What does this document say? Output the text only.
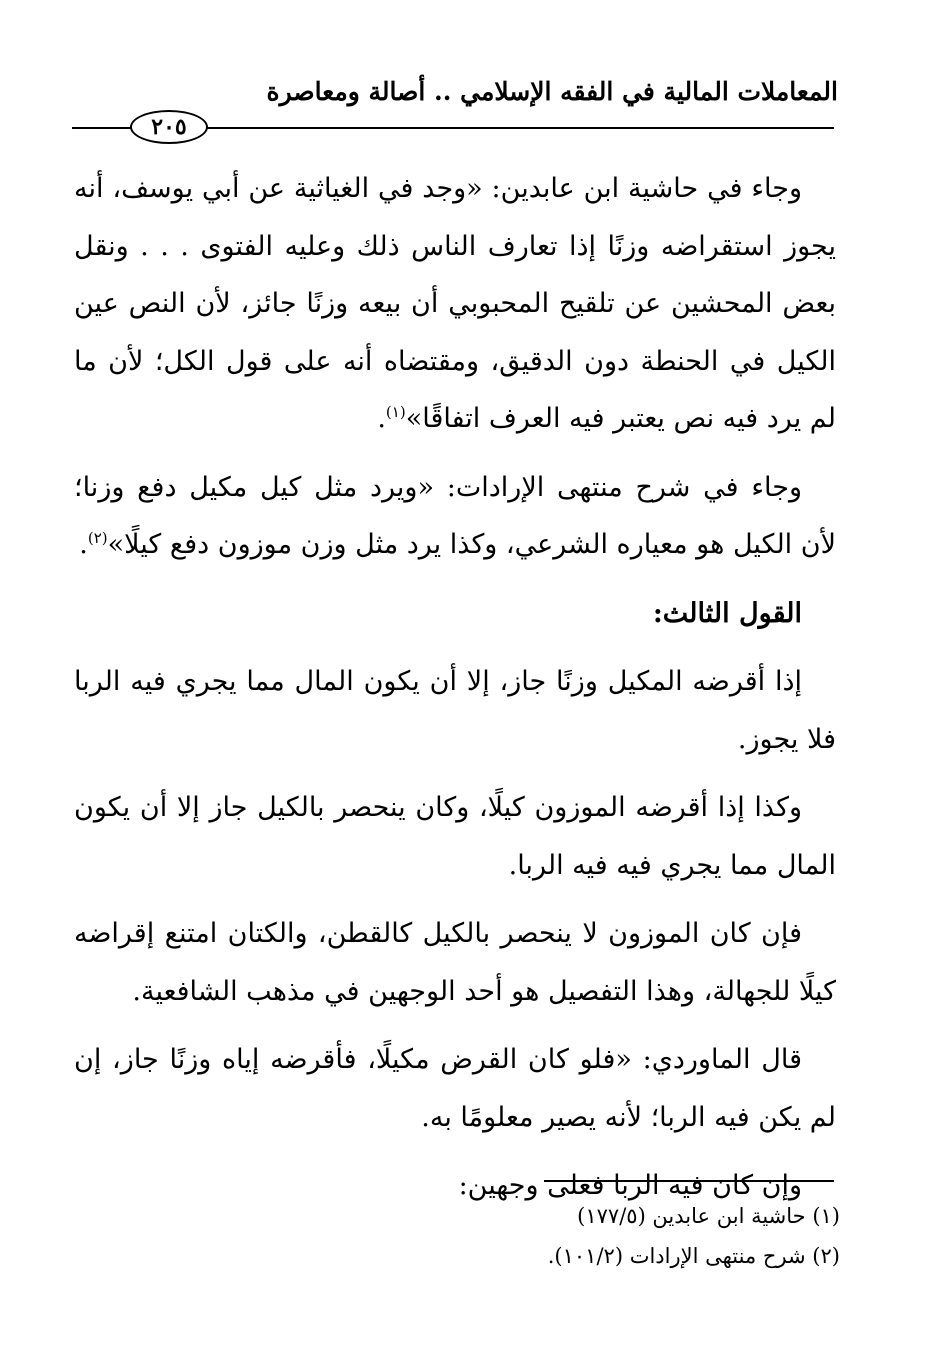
المعاملات المالية في الفقه الإسلامي .. أصالة ومعاصرة
٢٠٥

وجاء في حاشية ابن عابدين: «وجد في الغياثية عن أبي يوسف، أنه يجوز استقراضه وزنًا إذا تعارف الناس ذلك وعليه الفتوى . . . ونقل بعض المحشين عن تلقيح المحبوبي أن بيعه وزنًا جائز، لأن النص عين الكيل في الحنطة دون الدقيق، ومقتضاه أنه على قول الكل؛ لأن ما لم يرد فيه نص يعتبر فيه العرف اتفاقًا»$^{(١)}$.

وجاء في شرح منتهى الإرادات: «ويرد مثل كيل مكيل دفع وزنا؛ لأن الكيل هو معياره الشرعي، وكذا يرد مثل وزن موزون دفع كيلًا»$^{(٢)}$.

القول الثالث:

إذا أقرضه المكيل وزنًا جاز، إلا أن يكون المال مما يجري فيه الربا فلا يجوز.

وكذا إذا أقرضه الموزون كيلًا، وكان ينحصر بالكيل جاز إلا أن يكون المال مما يجري فيه فيه الربا.

فإن كان الموزون لا ينحصر بالكيل كالقطن، والكتان امتنع إقراضه كيلًا للجهالة، وهذا التفصيل هو أحد الوجهين في مذهب الشافعية.

قال الماوردي: «فلو كان القرض مكيلًا، فأقرضه إياه وزنًا جاز، إن لم يكن فيه الربا؛ لأنه يصير معلومًا به.

وإن كان فيه الربا فعلى وجهين:

(١) حاشية ابن عابدين (١٧٧/٥)
(٢) شرح منتهى الإرادات (١٠١/٢).
